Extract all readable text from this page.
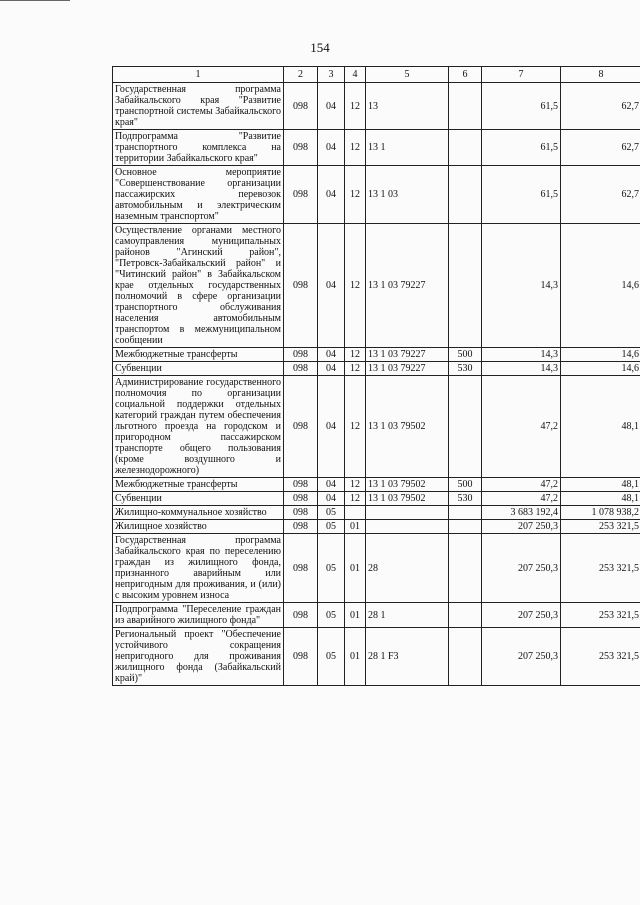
154
1	2	3	4	5	6	7	8
Государственная программа Забайкальского края "Развитие транспортной системы Забайкальского края"	098	04	12	13		61,5	62,7
Подпрограмма "Развитие транспортного комплекса на территории Забайкальского края"	098	04	12	13 1		61,5	62,7
Основное мероприятие "Совершенствование организации пассажирских перевозок автомобильным и электрическим наземным транспортом"	098	04	12	13 1 03		61,5	62,7
Осуществление органами местного самоуправления муниципальных районов "Агинский район", "Петровск-Забайкальский район" и "Читинский район" в Забайкальском крае отдельных государственных полномочий в сфере организации транспортного обслуживания населения автомобильным транспортом в межмуниципальном сообщении	098	04	12	13 1 03 79227		14,3	14,6
Межбюджетные трансферты	098	04	12	13 1 03 79227	500	14,3	14,6
Субвенции	098	04	12	13 1 03 79227	530	14,3	14,6
Администрирование государственного полномочия по организации социальной поддержки отдельных категорий граждан путем обеспечения льготного проезда на городском и пригородном пассажирском транспорте общего пользования (кроме воздушного и железнодорожного)	098	04	12	13 1 03 79502		47,2	48,1
Межбюджетные трансферты	098	04	12	13 1 03 79502	500	47,2	48,1
Субвенции	098	04	12	13 1 03 79502	530	47,2	48,1
Жилищно-коммунальное хозяйство	098	05				3 683 192,4	1 078 938,2
Жилищное хозяйство	098	05	01			207 250,3	253 321,5
Государственная программа Забайкальского края по переселению граждан из жилищного фонда, признанного аварийным или непригодным для проживания, и (или) с высоким уровнем износа	098	05	01	28		207 250,3	253 321,5
Подпрограмма "Переселение граждан из аварийного жилищного фонда"	098	05	01	28 1		207 250,3	253 321,5
Региональный проект "Обеспечение устойчивого сокращения непригодного для проживания жилищного фонда (Забайкальский край)"	098	05	01	28 1 F3		207 250,3	253 321,5
